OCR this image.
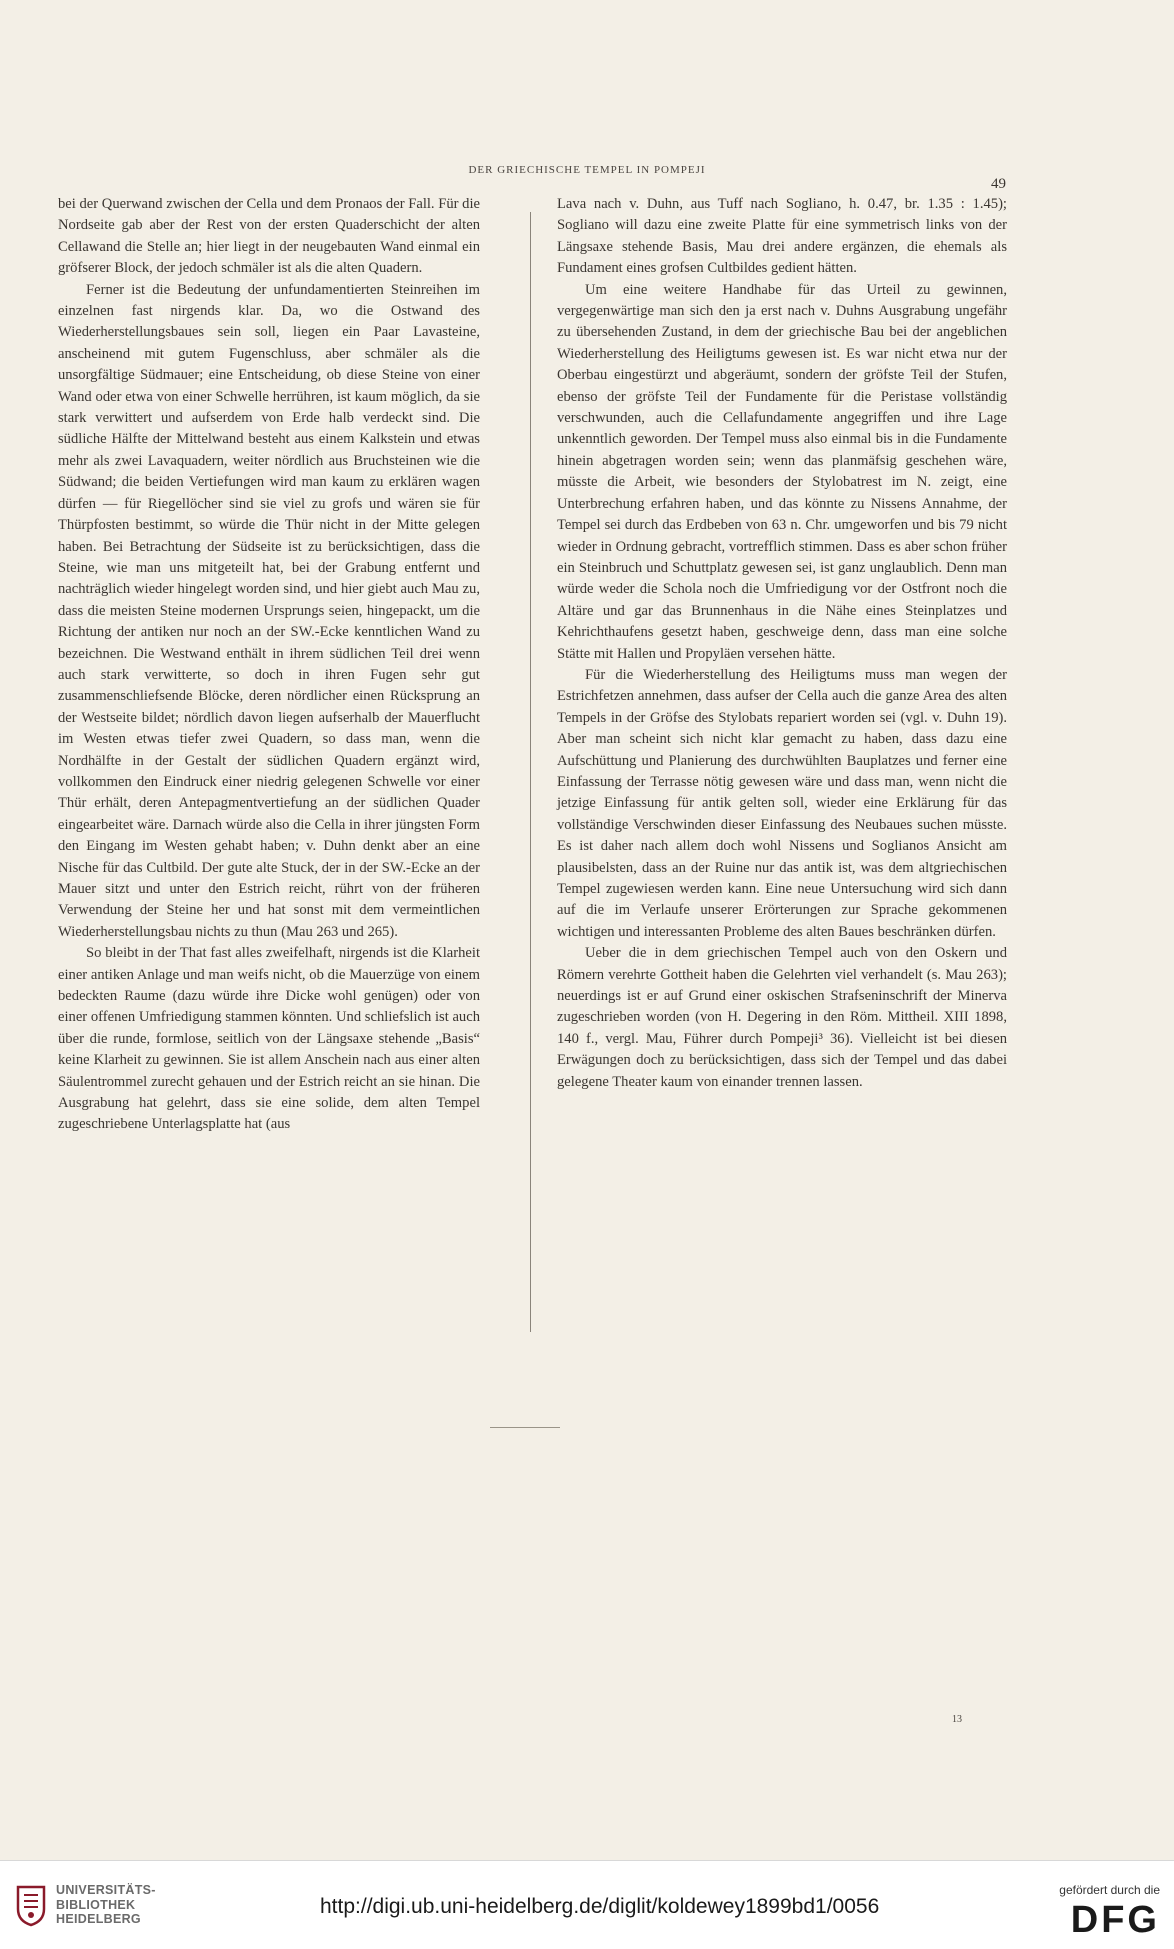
DER GRIECHISCHE TEMPEL IN POMPEJI
49

bei der Querwand zwischen der Cella und dem Pronaos der Fall. Für die Nordseite gab aber der Rest von der ersten Quaderschicht der alten Cellawand die Stelle an; hier liegt in der neugebauten Wand einmal ein gröfserer Block, der jedoch schmäler ist als die alten Quadern.

Ferner ist die Bedeutung der unfundamentierten Steinreihen im einzelnen fast nirgends klar. Da, wo die Ostwand des Wiederherstellungsbaues sein soll, liegen ein Paar Lavasteine, anscheinend mit gutem Fugenschluss, aber schmäler als die unsorgfältige Südmauer; eine Entscheidung, ob diese Steine von einer Wand oder etwa von einer Schwelle herrühren, ist kaum möglich, da sie stark verwittert und aufserdem von Erde halb verdeckt sind. Die südliche Hälfte der Mittelwand besteht aus einem Kalkstein und etwas mehr als zwei Lavaquadern, weiter nördlich aus Bruchsteinen wie die Südwand; die beiden Vertiefungen wird man kaum zu erklären wagen dürfen — für Riegellöcher sind sie viel zu grofs und wären sie für Thürpfosten bestimmt, so würde die Thür nicht in der Mitte gelegen haben. Bei Betrachtung der Südseite ist zu berücksichtigen, dass die Steine, wie man uns mitgeteilt hat, bei der Grabung entfernt und nachträglich wieder hingelegt worden sind, und hier giebt auch Mau zu, dass die meisten Steine modernen Ursprungs seien, hingepackt, um die Richtung der antiken nur noch an der SW.-Ecke kenntlichen Wand zu bezeichnen. Die Westwand enthält in ihrem südlichen Teil drei wenn auch stark verwitterte, so doch in ihren Fugen sehr gut zusammenschliefsende Blöcke, deren nördlicher einen Rücksprung an der Westseite bildet; nördlich davon liegen aufserhalb der Mauerflucht im Westen etwas tiefer zwei Quadern, so dass man, wenn die Nordhälfte in der Gestalt der südlichen Quadern ergänzt wird, vollkommen den Eindruck einer niedrig gelegenen Schwelle vor einer Thür erhält, deren Antepagmentvertiefung an der südlichen Quader eingearbeitet wäre. Darnach würde also die Cella in ihrer jüngsten Form den Eingang im Westen gehabt haben; v. Duhn denkt aber an eine Nische für das Cultbild. Der gute alte Stuck, der in der SW.-Ecke an der Mauer sitzt und unter den Estrich reicht, rührt von der früheren Verwendung der Steine her und hat sonst mit dem vermeintlichen Wiederherstellungsbau nichts zu thun (Mau 263 und 265).

So bleibt in der That fast alles zweifelhaft, nirgends ist die Klarheit einer antiken Anlage und man weifs nicht, ob die Mauerzüge von einem bedeckten Raume (dazu würde ihre Dicke wohl genügen) oder von einer offenen Umfriedigung stammen könnten. Und schliefslich ist auch über die runde, formlose, seitlich von der Längsaxe stehende „Basis“ keine Klarheit zu gewinnen. Sie ist allem Anschein nach aus einer alten Säulentrommel zurecht gehauen und der Estrich reicht an sie hinan. Die Ausgrabung hat gelehrt, dass sie eine solide, dem alten Tempel zugeschriebene Unterlagsplatte hat (aus

Lava nach v. Duhn, aus Tuff nach Sogliano, h. 0.47, br. 1.35 : 1.45); Sogliano will dazu eine zweite Platte für eine symmetrisch links von der Längsaxe stehende Basis, Mau drei andere ergänzen, die ehemals als Fundament eines grofsen Cultbildes gedient hätten.

Um eine weitere Handhabe für das Urteil zu gewinnen, vergegenwärtige man sich den ja erst nach v. Duhns Ausgrabung ungefähr zu übersehenden Zustand, in dem der griechische Bau bei der angeblichen Wiederherstellung des Heiligtums gewesen ist. Es war nicht etwa nur der Oberbau eingestürzt und abgeräumt, sondern der gröfste Teil der Stufen, ebenso der gröfste Teil der Fundamente für die Peristase vollständig verschwunden, auch die Cellafundamente angegriffen und ihre Lage unkenntlich geworden. Der Tempel muss also einmal bis in die Fundamente hinein abgetragen worden sein; wenn das planmäfsig geschehen wäre, müsste die Arbeit, wie besonders der Stylobatrest im N. zeigt, eine Unterbrechung erfahren haben, und das könnte zu Nissens Annahme, der Tempel sei durch das Erdbeben von 63 n. Chr. umgeworfen und bis 79 nicht wieder in Ordnung gebracht, vortrefflich stimmen. Dass es aber schon früher ein Steinbruch und Schuttplatz gewesen sei, ist ganz unglaublich. Denn man würde weder die Schola noch die Umfriedigung vor der Ostfront noch die Altäre und gar das Brunnenhaus in die Nähe eines Steinplatzes und Kehrichthaufens gesetzt haben, geschweige denn, dass man eine solche Stätte mit Hallen und Propyläen versehen hätte.

Für die Wiederherstellung des Heiligtums muss man wegen der Estrichfetzen annehmen, dass aufser der Cella auch die ganze Area des alten Tempels in der Gröfse des Stylobats repariert worden sei (vgl. v. Duhn 19). Aber man scheint sich nicht klar gemacht zu haben, dass dazu eine Aufschüttung und Planierung des durchwühlten Bauplatzes und ferner eine Einfassung der Terrasse nötig gewesen wäre und dass man, wenn nicht die jetzige Einfassung für antik gelten soll, wieder eine Erklärung für das vollständige Verschwinden dieser Einfassung des Neubaues suchen müsste. Es ist daher nach allem doch wohl Nissens und Soglianos Ansicht am plausibelsten, dass an der Ruine nur das antik ist, was dem altgriechischen Tempel zugewiesen werden kann. Eine neue Untersuchung wird sich dann auf die im Verlaufe unserer Erörterungen zur Sprache gekommenen wichtigen und interessanten Probleme des alten Baues beschränken dürfen.

Ueber die in dem griechischen Tempel auch von den Oskern und Römern verehrte Gottheit haben die Gelehrten viel verhandelt (s. Mau 263); neuerdings ist er auf Grund einer oskischen Strafseninschrift der Minerva zugeschrieben worden (von H. Degering in den Röm. Mittheil. XIII 1898, 140 f., vergl. Mau, Führer durch Pompeji³ 36). Vielleicht ist bei diesen Erwägungen doch zu berücksichtigen, dass sich der Tempel und das dabei gelegene Theater kaum von einander trennen lassen.

13
UNIVERSITÄTS-
BIBLIOTHEK
HEIDELBERG
http://digi.ub.uni-heidelberg.de/diglit/koldewey1899bd1/0056
gefördert durch die
DFG
